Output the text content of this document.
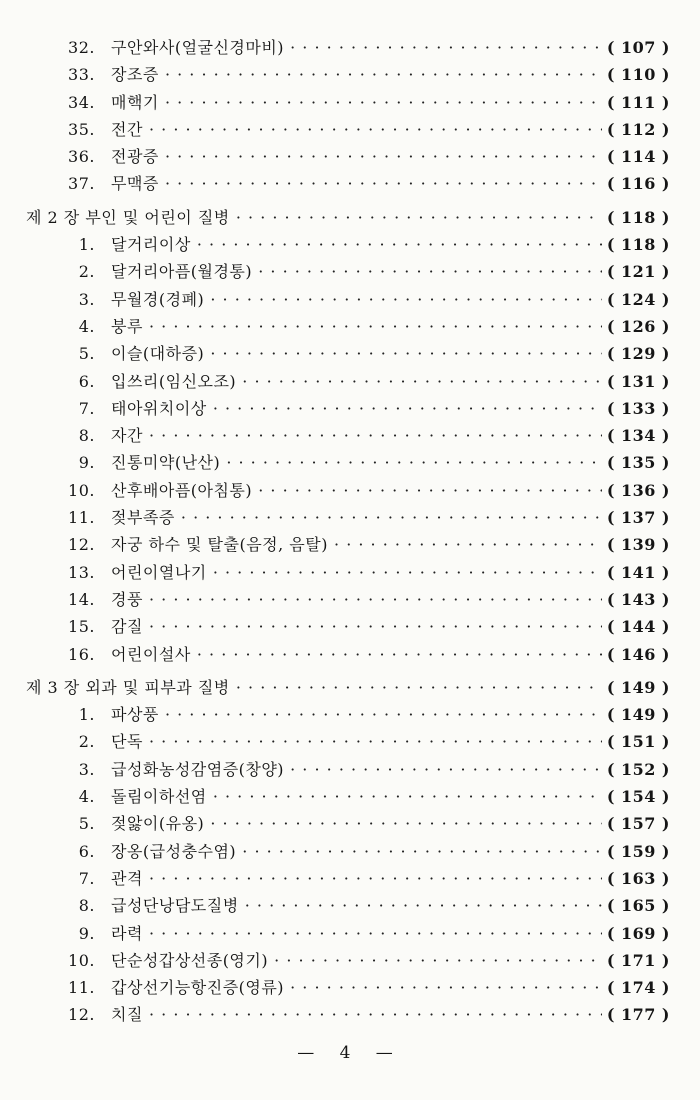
32. 구안와사(얼굴신경마비) · · ·	( 107 )
33. 장조증 · · ·	( 110 )
34. 매핵기 · · ·	( 111 )
35. 전간 · · ·	( 112 )
36. 전광증 · · ·	( 114 )
37. 무맥증 · · ·	( 116 )
제 2 장 부인 및 어린이 질병 · · ·	( 118 )
1. 달거리이상 · · ·	( 118 )
2. 달거리아픔(월경통) · · ·	( 121 )
3. 무월경(경폐) · · ·	( 124 )
4. 붕루 · · ·	( 126 )
5. 이슬(대하증) · · ·	( 129 )
6. 입쓰리(임신오조) · · ·	( 131 )
7. 태아위치이상 · · ·	( 133 )
8. 자간 · · ·	( 134 )
9. 진통미약(난산) · · ·	( 135 )
10. 산후배아픔(아침통) · · ·	( 136 )
11. 젖부족증 · · ·	( 137 )
12. 자궁 하수 및 탈출(음정, 음탈) · · ·	( 139 )
13. 어린이열나기 · · ·	( 141 )
14. 경풍 · · ·	( 143 )
15. 감질 · · ·	( 144 )
16. 어린이설사 · · ·	( 146 )
제 3 장 외과 및 피부과 질병 · · ·	( 149 )
1. 파상풍 · · ·	( 149 )
2. 단독 · · ·	( 151 )
3. 급성화농성감염증(창양) · · ·	( 152 )
4. 돌림이하선염 · · ·	( 154 )
5. 젖앓이(유옹) · · ·	( 157 )
6. 장옹(급성충수염) · · ·	( 159 )
7. 관격 · · ·	( 163 )
8. 급성단낭담도질병 · · ·	( 165 )
9. 라력 · · ·	( 169 )
10. 단순성갑상선종(영기) · · ·	( 171 )
11. 갑상선기능항진증(영류) · · ·	( 174 )
12. 치질 · · ·	( 177 )
— 4 —
